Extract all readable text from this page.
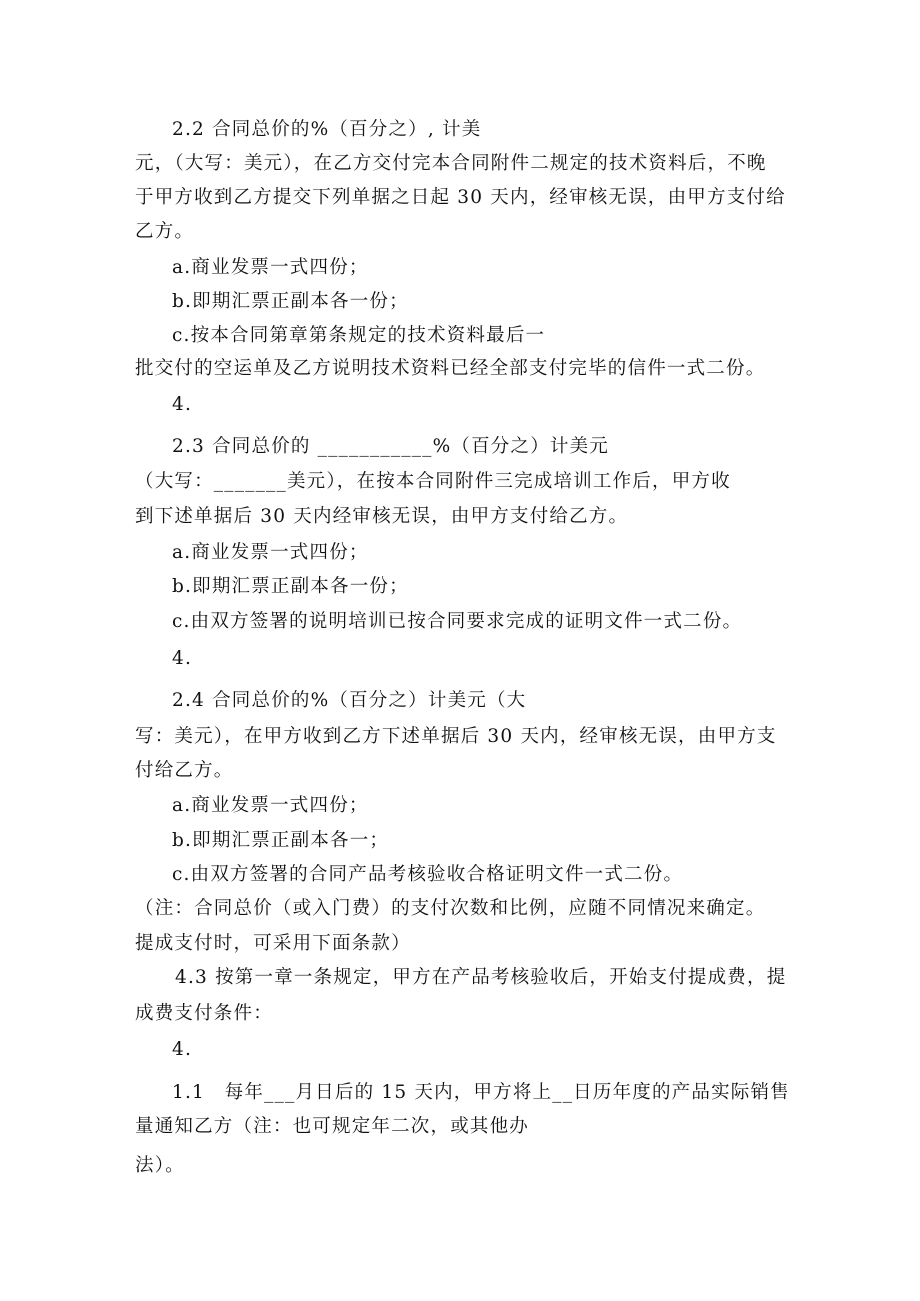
2.2 合同总价的%（百分之）, 计美
元，（大写：美元），在乙方交付完本合同附件二规定的技术资料后，不晚
于甲方收到乙方提交下列单据之日起 30 天内，经审核无误，由甲方支付给
乙方。
a.商业发票一式四份；
b.即期汇票正副本各一份；
c.按本合同第章第条规定的技术资料最后一
批交付的空运单及乙方说明技术资料已经全部支付完毕的信件一式二份。
4.
2.3 合同总价的 ___________%（百分之）计美元
（大写：_______美元），在按本合同附件三完成培训工作后，甲方收
到下述单据后 30 天内经审核无误，由甲方支付给乙方。
a.商业发票一式四份；
b.即期汇票正副本各一份；
c.由双方签署的说明培训已按合同要求完成的证明文件一式二份。
4.
2.4 合同总价的%（百分之）计美元（大
写：美元），在甲方收到乙方下述单据后 30 天内，经审核无误，由甲方支
付给乙方。
a.商业发票一式四份；
b.即期汇票正副本各一；
c.由双方签署的合同产品考核验收合格证明文件一式二份。
（注：合同总价（或入门费）的支付次数和比例，应随不同情况来确定。
提成支付时，可采用下面条款）
4.3 按第一章一条规定，甲方在产品考核验收后，开始支付提成费，提
成费支付条件：
4.
1.1　每年___月日后的 15 天内，甲方将上__日历年度的产品实际销售
量通知乙方（注：也可规定年二次，或其他办
法）。
